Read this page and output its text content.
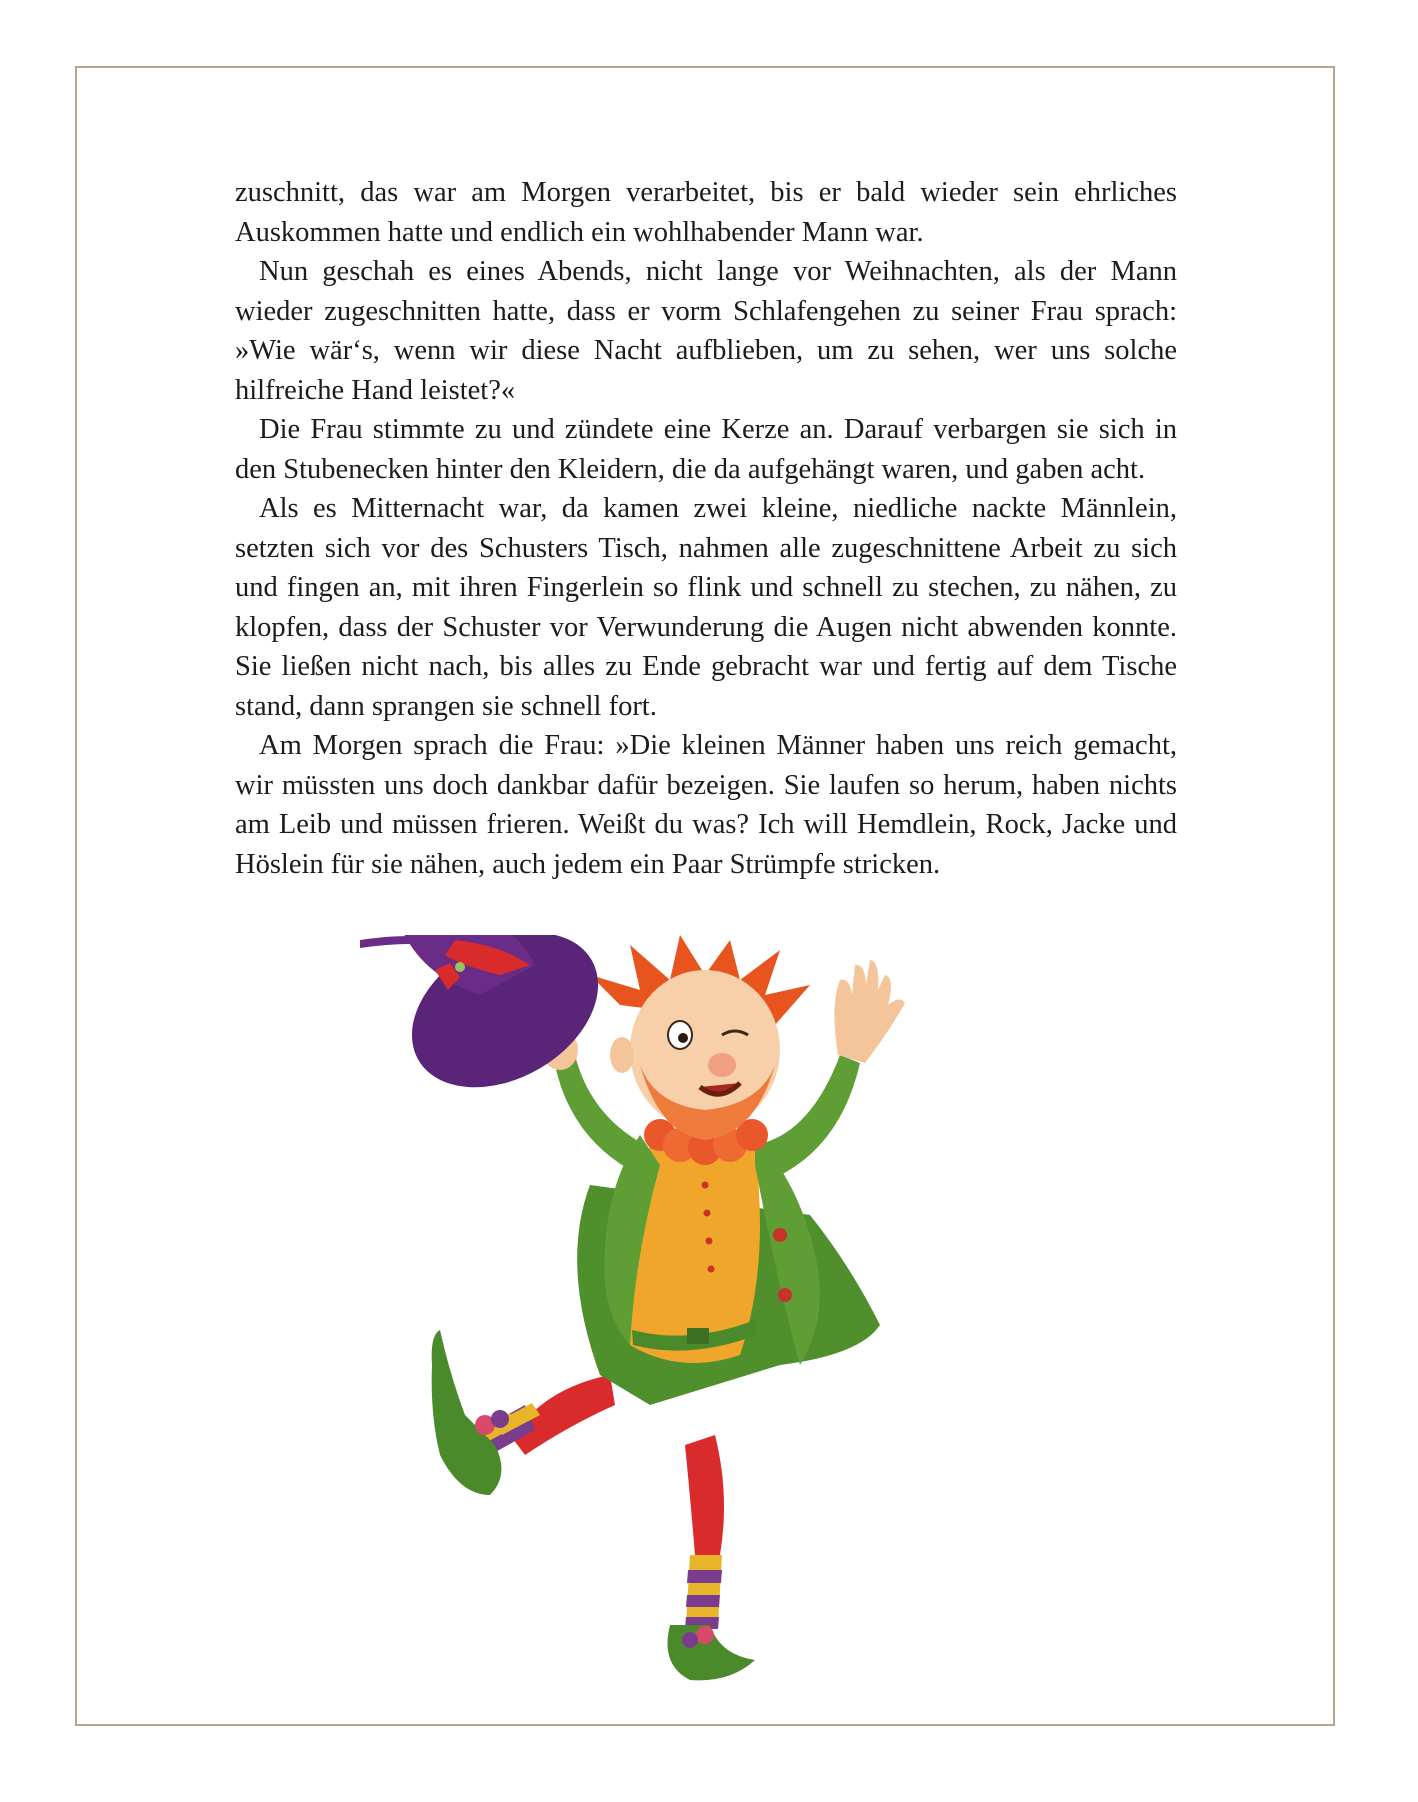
zuschnitt, das war am Morgen verarbeitet, bis er bald wieder sein ehrliches Auskommen hatte und endlich ein wohlhabender Mann war.

Nun geschah es eines Abends, nicht lange vor Weihnachten, als der Mann wieder zugeschnitten hatte, dass er vorm Schlafengehen zu seiner Frau sprach: »Wie wär‘s, wenn wir diese Nacht aufblieben, um zu sehen, wer uns solche hilfreiche Hand leistet?«

Die Frau stimmte zu und zündete eine Kerze an. Darauf verbargen sie sich in den Stubenecken hinter den Kleidern, die da aufgehängt waren, und gaben acht.

Als es Mitternacht war, da kamen zwei kleine, niedliche nackte Männlein, setzten sich vor des Schusters Tisch, nahmen alle zugeschnittene Arbeit zu sich und fingen an, mit ihren Fingerlein so flink und schnell zu stechen, zu nähen, zu klopfen, dass der Schuster vor Verwunderung die Augen nicht abwenden konnte. Sie ließen nicht nach, bis alles zu Ende gebracht war und fertig auf dem Tische stand, dann sprangen sie schnell fort.

Am Morgen sprach die Frau: »Die kleinen Männer haben uns reich gemacht, wir müssten uns doch dankbar dafür bezeigen. Sie laufen so herum, haben nichts am Leib und müssen frieren. Weißt du was? Ich will Hemdlein, Rock, Jacke und Höslein für sie nähen, auch jedem ein Paar Strümpfe stricken.
